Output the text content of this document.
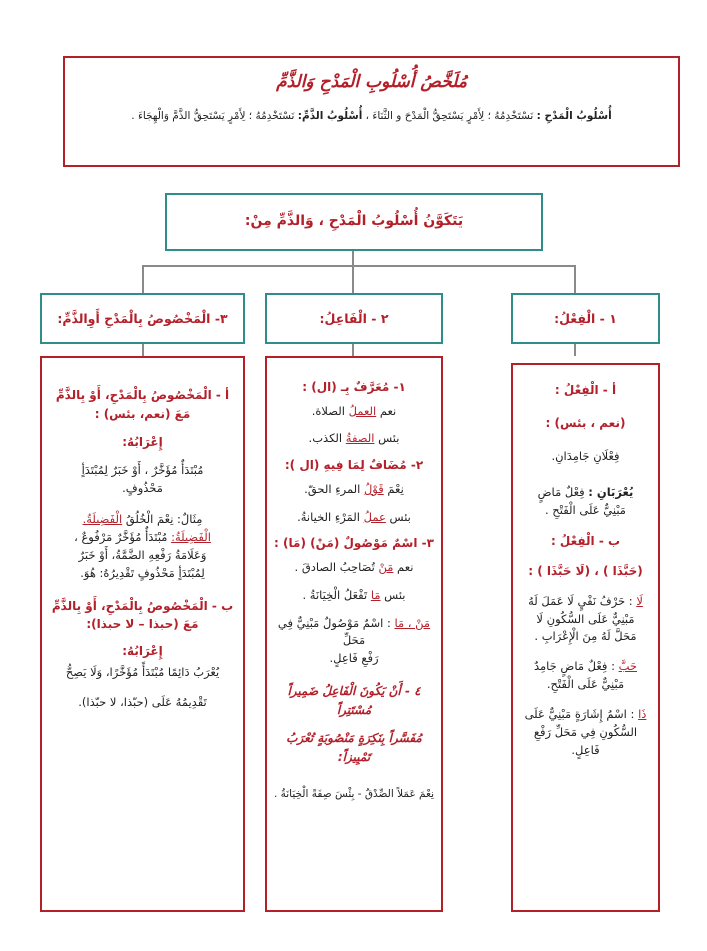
مُلَخَّصُ أُسْلُوبِ الْمَدْحِ وَالذَّمِّ
أُسْلُوبُ الْمَدْحِ : نَسْتَخْدِمُهُ ؛ لِأَمْرٍ يَسْتَحِقُّ الْمَدْحَ و الثَّنَاءَ ، أُسْلُوبُ الذَّمِّ: نَسْتَخْدِمُهُ ؛ لِأَمْرٍ يَسْتَحِقُّ الذَّمَّ وَالْهِجَاءَ .
يَتَكَوَّنُ أُسْلُوبُ الْمَدْحِ ، وَالذَّمِّ مِنْ:
٣- الْمَخْصُوصُ بِالْمَدْحِ أَوِالذَّمِّ:	٢ - الْفَاعِلُ:	١ - الْفِعْلُ:
أ - الْمَخْصُوصُ بِالْمَدْحِ، أَوْ بِالذَّمِّ
مَعَ (نعم، بئس) :
إِعْرَابُهُ:
مُبْتَدَأٌ مُؤَخَّرٌ ، أَوْ خَبَرٌ لِمُبْتَدَأٍ
مَحْذُوفٍ.
مِثَالٌ: نِعْمَ الْخُلُقُ الْفَضِيلَةُ.
الْفَضِيلَةُ: مُبْتَدَأٌ مُؤَخَّرٌ مَرْفُوعٌ ،
وَعَلَامَةُ رَفْعِهِ الضَّمَّةُ، أَوْ خَبَرٌ
لِمُبْتَدَأٍ مَحْذُوفٍ تَقْدِيرُهُ: هُوَ.
ب - الْمَخْصُوصُ بِالْمَدْحِ، أَوْ بِالذَّمِّ
مَعَ (حبذا – لا حبذا):
إِعْرَابُهُ:
يُعْرَبُ دَائِمًا مُبْتَدَأً مُؤَخَّرًا، وَلَا يَصِحُّ
تَقْدِيمُهُ عَلَى (حبّذا، لا حبّذا).
١- مُعَرَّفٌ بِـ (ال) :
نعم العملُ الصلاة.
بئس الصفةُ الكذب.
٢- مُضَافٌ لِمَا فِيهِ (ال ):
نِعْمَ قَوْلُ المرءِ الحقّ.
بئس عملُ المَرْءِ الخيانةُ.
٣- اسْمٌ مَوْصُولٌ (مَنْ) (مَا) :
نعم مَنْ تُصَاحِبُ الصادقَ .
بئس مَا تَفْعَلُ الْخِيَانَةُ .
مَنْ ، مَا : اسْمٌ مَوْصُولٌ مَبْنِيٌّ فِي مَحَلِّ
رَفْعِ فَاعِلٍ.
٤ - أَنْ يَكُونَ الْفَاعِلُ ضَمِيراً مُسْتَتِراً
مُفَسَّراً بِنَكِرَةٍ مَنْصُوبَةٍ تُعْرَبُ تَمْيِيزاً:
نِعْمَ عَمَلاً الصِّدْقُ - بِئْسَ صِفَةً الْخِيَانَةُ .
أ - الْفِعْلُ :
(نعم ، بئس) :
فِعْلَانِ جَامِدَانِ.
يُعْرَبَانِ : فِعْلٌ مَاضٍ
مَبْنِيٌّ عَلَى الْفَتْحِ .
ب - الْفِعْلُ :
(حَبَّذَا ) ، (لَا حَبَّذَا ) :
لَا : حَرْفُ نَفْيٍ لَا عَمَلَ لَهُ
مَبْنِيٌّ عَلَى السُّكُونِ لَا
مَحَلَّ لَهُ مِنَ الْإِعْرَابِ .
حَبَّ : فِعْلٌ مَاضٍ جَامِدٌ
مَبْنِيٌّ عَلَى الْفَتْحِ.
ذَا : اسْمُ إِشَارَةٍ مَبْنِيٌّ عَلَى
السُّكُونِ فِي مَحَلِّ رَفْعِ
فَاعِلٍ.
